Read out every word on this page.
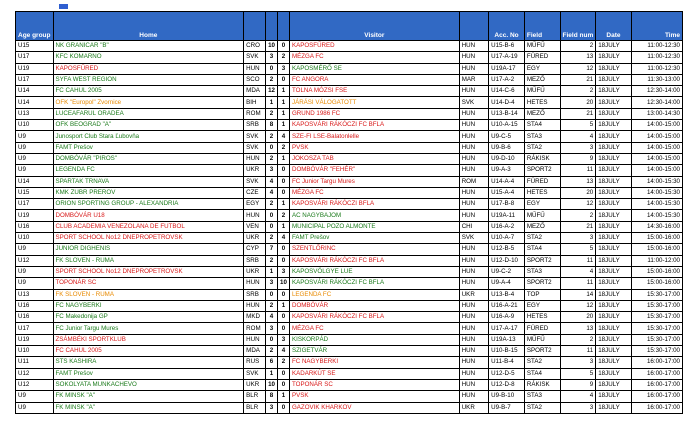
Age group	Home				Visitor		Acc. No	Field	Field num	Date	Time
U15	NK GRANICAR "B"	CRO	10	0	KAPOSFŰRED	HUN	U15-B-6	MŰFŰ	2	18JULY	11:00-12:30
U17	KFC KOMARNO	SVK	3	2	MÉZGA FC	HUN	U17-A-19	FÜRED	13	18JULY	11:00-12:30
U19	KAPOSFŰRED	HUN	0	3	KAPOSMÉRŐ SE	HUN	U19A-17	EGY	12	18JULY	11:00-12:30
U17	SYFA WEST REGION	SCO	2	0	FC ANGORA	MAR	U17-A-2	MEZŐ	21	18JULY	11:30-13:00
U14	FC CAHUL 2005	MDA	12	1	TOLNA MÓZSI FSE	HUN	U14-C-6	MŰFŰ	2	18JULY	12:30-14:00
U14	OFK "Europol" Zvornice	BIH	1	1	JÁRÁSI VÁLOGATOTT	SVK	U14-D-4	HETES	20	18JULY	12:30-14:00
U13	LUCEAFARUL ORADEA	ROM	2	1	GRUND 1986 FC	HUN	U13-B-14	MEZŐ	21	18JULY	13:00-14:30
U10	OFK BEOGRAD "A"	SRB	8	1	KAPOSVÁRI RÁKÓCZI FC BFLA	HUN	U10-A-15	STA4	5	18JULY	14:00-15:00
U9	Junosport Club Stara Ľubovňa	SVK	2	4	SZE-FI LSE-Balatonlelle	HUN	U9-C-5	STA3	4	18JULY	14:00-15:00
U9	FAMT Prešov	SVK	0	2	PVSK	HUN	U9-B-6	STA2	3	18JULY	14:00-15:00
U9	DOMBÓVÁR "PIROS"	HUN	2	1	JOKOSZA TAB	HUN	U9-D-10	RÁKISK	9	18JULY	14:00-15:00
U9	LEGENDA FC	UKR	3	0	DOMBÓVÁR "FEHÉR"	HUN	U9-A-3	SPORT2	11	18JULY	14:00-15:00
U14	SPARTAK TRNAVA	SVK	4	0	FC Junior Targu Mures	ROM	U14-A-4	FÜRED	13	18JULY	14:00-15:30
U15	KMK ZUBR PREROV	CZE	4	0	MÉZGA FC	HUN	U15-A-4	HETES	20	18JULY	14:00-15:30
U17	ORION SPORTING GROUP - ALEXANDRIA	EGY	2	1	KAPOSVÁRI RÁKÓCZI BFLA	HUN	U17-B-8	EGY	12	18JULY	14:00-15:30
U19	DOMBÓVÁR U18	HUN	0	2	AC NAGYBAJOM	HUN	U19A-11	MŰFŰ	2	18JULY	14:00-15:30
U16	CLUB ACADEMIA VENEZOLANA DE FUTBOL	VEN	0	1	MUNICIPAL POZO ALMONTE	CHI	U16-A-2	MEZŐ	21	18JULY	14:30-16:00
U10	SPORT SCHOOL No12 DNEPROPETROVSK	UKR	2	4	FAMT Prešov	SVK	U10-A-7	STA2	3	18JULY	15:00-16:00
U9	JUNIOR DIGHENIS	CYP	7	0	SZENTLŐRINC	HUN	U12-B-5	STA4	5	18JULY	15:00-16:00
U12	FK SLOVEN - RUMA	SRB	2	0	KAPOSVÁRI RÁKÓCZI FC BFLA	HUN	U12-D-10	SPORT2	11	18JULY	11:00-12:00
U9	SPORT SCHOOL No12 DNEPROPETROVSK	UKR	1	3	KAPOSVÖLGYE LUE	HUN	U9-C-2	STA3	4	18JULY	15:00-16:00
U9	TOPONÁR SC	HUN	3	10	KAPOSVÁRI RÁKÓCZI FC BFLA	HUN	U9-A-4	SPORT2	11	18JULY	15:00-16:00
U13	FK SLOVEN - RUMA	SRB	0	0	LEGENDA FC	UKR	U13-B-4	TOP	14	18JULY	15:30-17:00
U16	FC NAGYBERKI	HUN	2	1	DOMBÓVÁR	HUN	U16-A-21	EGY	12	18JULY	15:30-17:00
U16	FC Makedonija GP	MKD	4	0	KAPOSVÁRI RÁKÓCZI FC BFLA	HUN	U16-A-9	HETES	20	18JULY	15:30-17:00
U17	FC Junior Targu Mures	ROM	3	0	MÉZGA FC	HUN	U17-A-17	FÜRED	13	18JULY	15:30-17:00
U19	ZSÁMBÉKI SPORTKLUB	HUN	0	3	KISKORPÁD	HUN	U19A-13	MŰFŰ	2	18JULY	15:30-17:00
U10	FC CAHUL 2005	MDA	2	4	SZIGETVÁR	HUN	U10-B-15	SPORT2	11	18JULY	15:30-17:00
U11	STS KASHIRA	RUS	6	2	FC NAGYBERKI	HUN	U11-B-4	STA2	3	18JULY	16:00-17:00
U12	FAMT Prešov	SVK	1	0	KADARKÚT SE	HUN	U12-D-5	STA4	5	18JULY	16:00-17:00
U12	SOKOLYATA MUNKACHEVO	UKR	10	0	TOPONÁR SC	HUN	U12-D-8	RÁKISK	9	18JULY	16:00-17:00
U9	FK MINSK "A"	BLR	8	1	PVSK	HUN	U9-B-10	STA3	4	18JULY	16:00-17:00
U9	FK MINSK "A"	BLR	3	0	GAZOVIK KHARKOV	UKR	U9-B-7	STA2	3	18JULY	16:00-17:00
